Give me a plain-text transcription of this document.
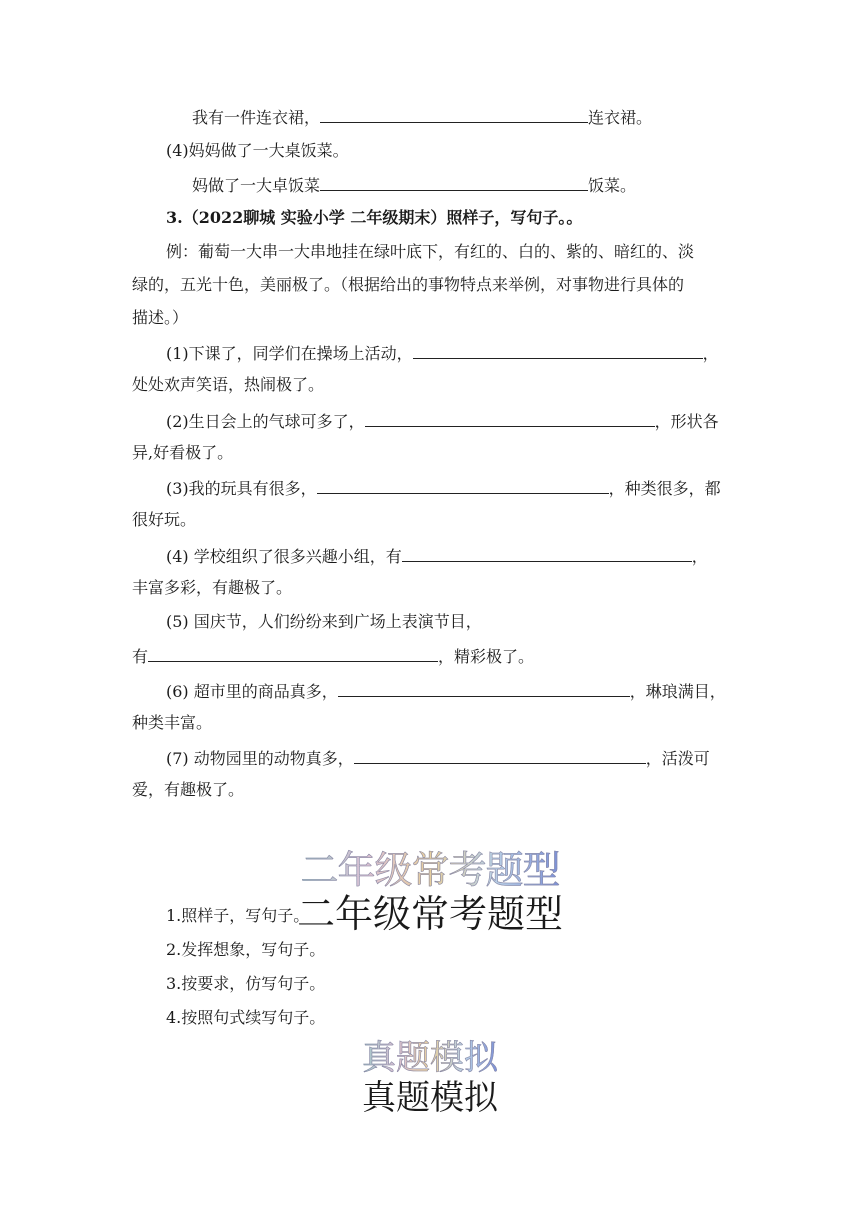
我有一件连衣裙，	连衣裙。
(4)妈妈做了一大桌饭菜。
妈做了一大卓饭菜	饭菜。
3.（2022聊城 实验小学 二年级期末）照样子，写句子。。
例：葡萄一大串一大串地挂在绿叶底下，有红的、白的、紫的、暗红的、淡
绿的，五光十色，美丽极了。（根据给出的事物特点来举例，对事物进行具体的
描述。）
(1)下课了，同学们在操场上活动，	，
处处欢声笑语，热闹极了。
(2)生日会上的气球可多了，	，形状各
异,好看极了。
(3)我的玩具有很多，	，种类很多，都
很好玩。
(4) 学校组织了很多兴趣小组，有	，
丰富多彩，有趣极了。
(5) 国庆节，人们纷纷来到广场上表演节目，
有	，精彩极了。
(6) 超市里的商品真多，	，琳琅满目，
种类丰富。
(7) 动物园里的动物真多，	，活泼可
爱，有趣极了。
二年级常考题型
二年级常考题型
1.照样子，写句子。
2.发挥想象，写句子。
3.按要求，仿写句子。
4.按照句式续写句子。
真题模拟
真题模拟
